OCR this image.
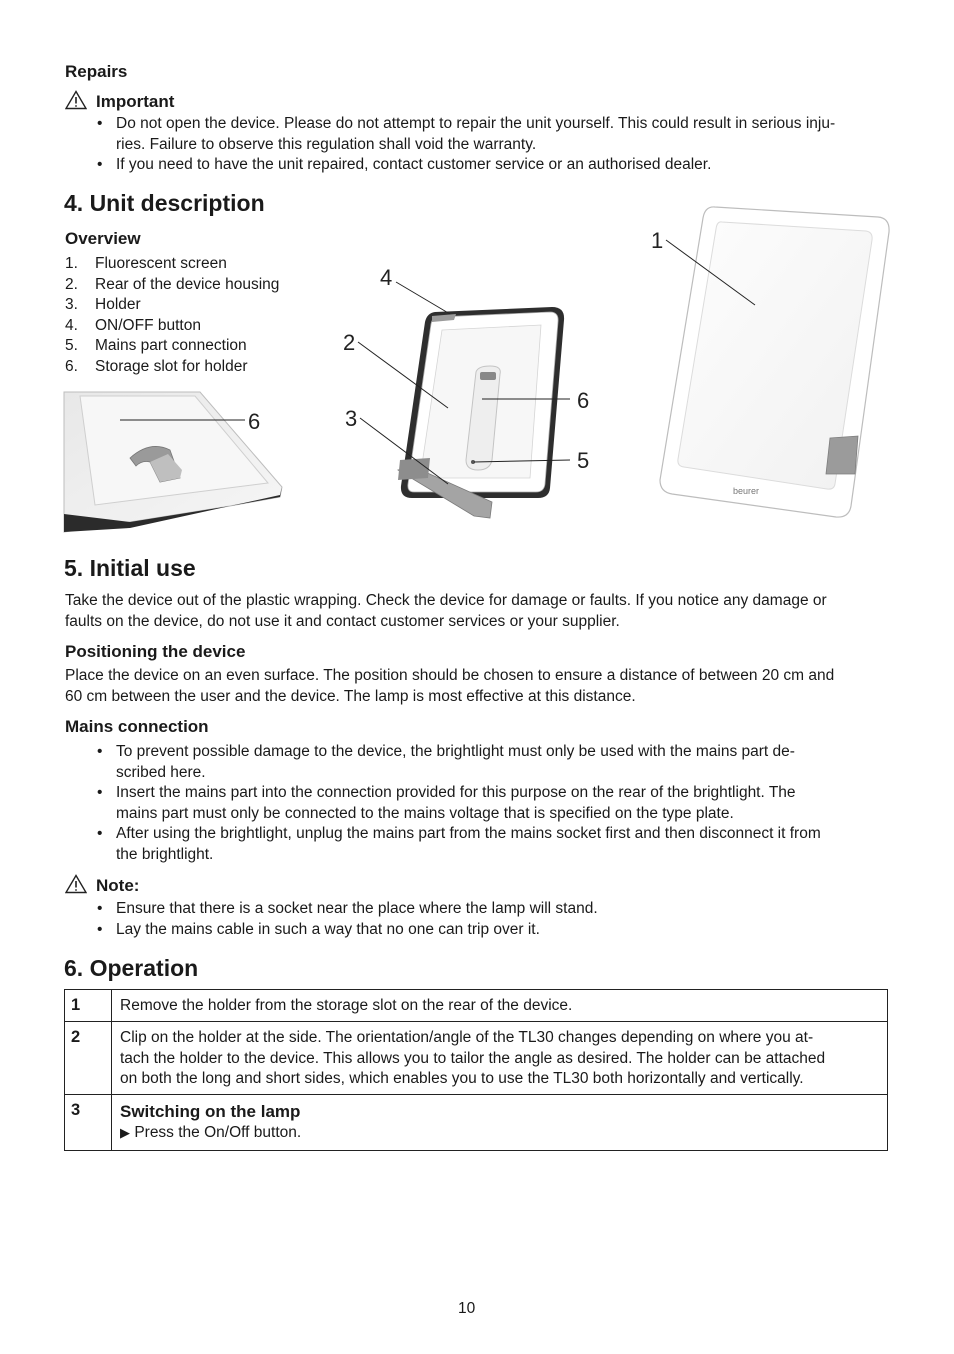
Repairs
Important
• Do not open the device. Please do not attempt to repair the unit yourself. This could result in serious inju-
ries. Failure to observe this regulation shall void the warranty.
• If you need to have the unit repaired, contact customer service or an authorised dealer.
4. Unit description
Overview
1. Fluorescent screen
2. Rear of the device housing
3. Holder
4. ON/OFF button
5. Mains part connection
6. Storage slot for holder
6
4
2
3
6
5
beurer
1
5. Initial use
Take the device out of the plastic wrapping. Check the device for damage or faults. If you notice any damage or
faults on the device, do not use it and contact customer services or your supplier.
Positioning the device
Place the device on an even surface. The position should be chosen to ensure a distance of between 20 cm and
60 cm between the user and the device. The lamp is most effective at this distance.
Mains connection
• To prevent possible damage to the device, the brightlight must only be used with the mains part de-
scribed here.
• Insert the mains part into the connection provided for this purpose on the rear of the brightlight. The
mains part must only be connected to the mains voltage that is specified on the type plate.
• After using the brightlight, unplug the mains part from the mains socket first and then disconnect it from
the brightlight.
Note:
• Ensure that there is a socket near the place where the lamp will stand.
• Lay the mains cable in such a way that no one can trip over it.
6. Operation
1	Remove the holder from the storage slot on the rear of the device.
2	Clip on the holder at the side. The orientation/angle of the TL30 changes depending on where you at-
tach the holder to the device. This allows you to tailor the angle as desired. The holder can be attached
on both the long and short sides, which enables you to use the TL30 both horizontally and vertically.
3	Switching on the lamp
▶ Press the On/Off button.
10
